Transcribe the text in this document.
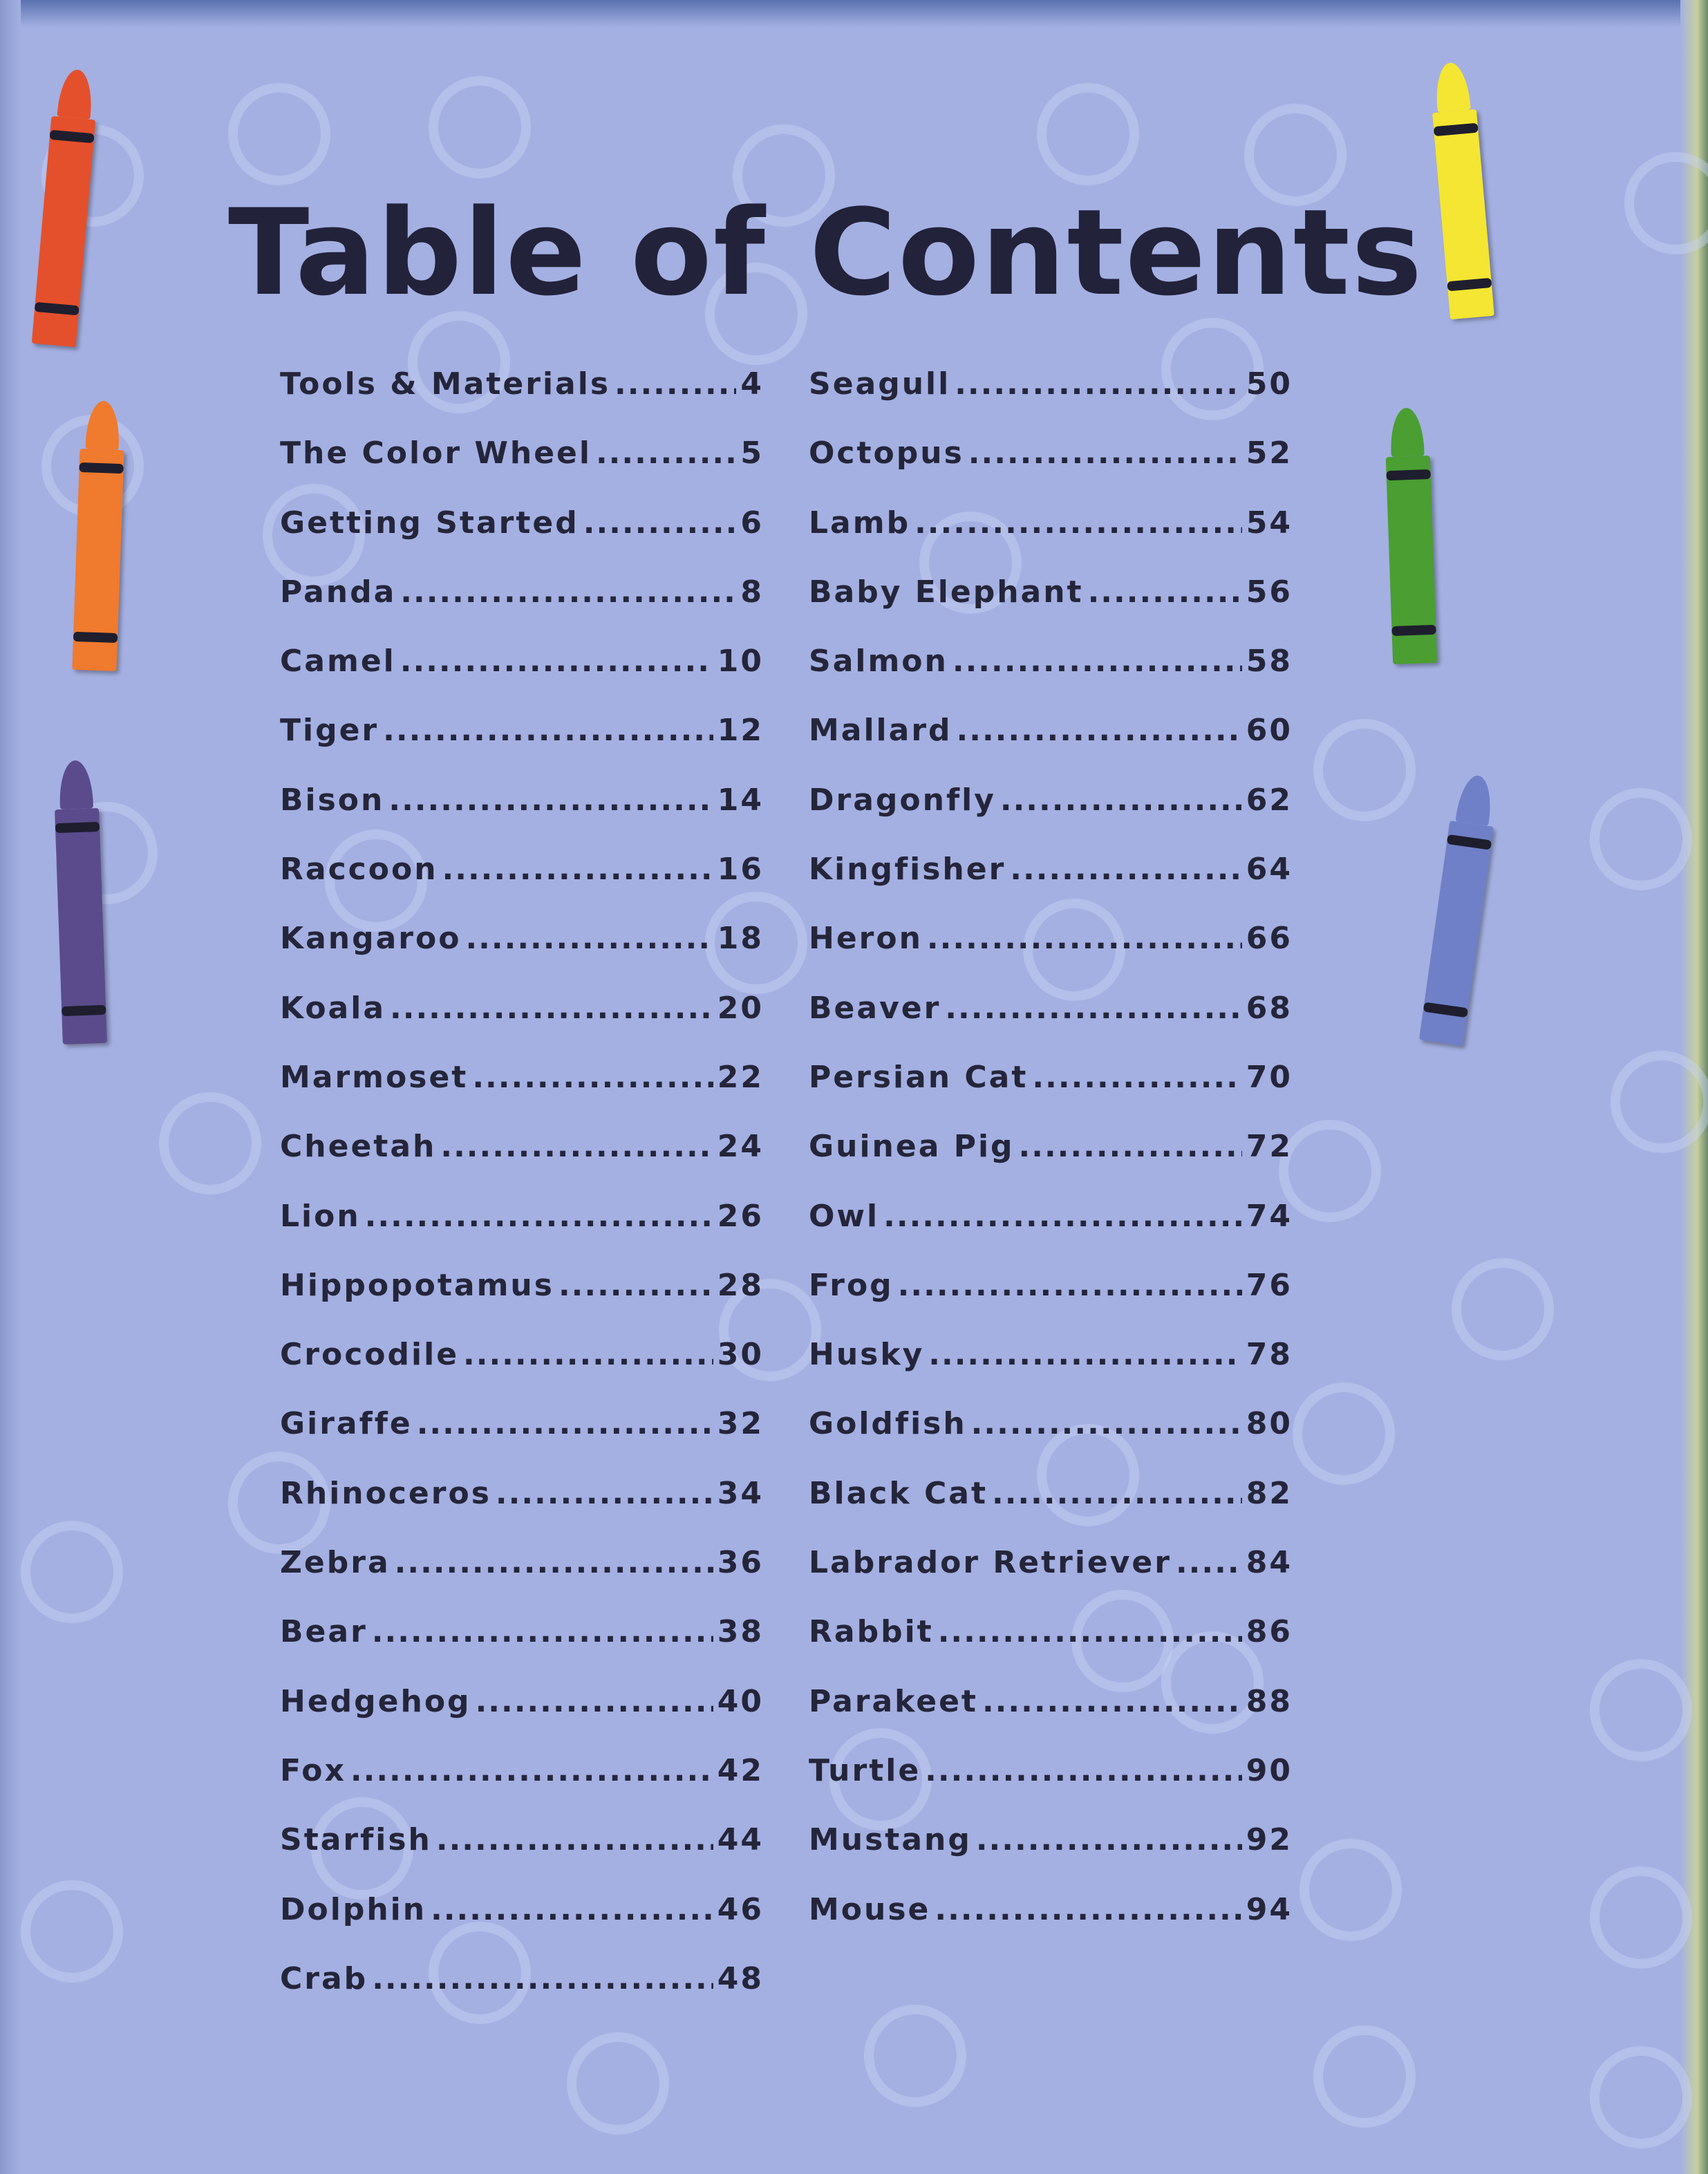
Table of Contents
Tools & Materials .....	4
The Color Wheel .....	5
Getting Started .....	6
Panda .....	8
Camel .....	10
Tiger .....	12
Bison .....	14
Raccoon .....	16
Kangaroo .....	18
Koala .....	20
Marmoset .....	22
Cheetah .....	24
Lion .....	26
Hippopotamus .....	28
Crocodile .....	30
Giraffe .....	32
Rhinoceros .....	34
Zebra .....	36
Bear .....	38
Hedgehog .....	40
Fox .....	42
Starfish .....	44
Dolphin .....	46
Crab .....	48
Seagull .....	50
Octopus .....	52
Lamb .....	54
Baby Elephant .....	56
Salmon .....	58
Mallard .....	60
Dragonfly .....	62
Kingfisher .....	64
Heron .....	66
Beaver .....	68
Persian Cat .....	70
Guinea Pig .....	72
Owl .....	74
Frog .....	76
Husky .....	78
Goldfish .....	80
Black Cat .....	82
Labrador Retriever ..... 84
Rabbit .....	86
Parakeet .....	88
Turtle .....	90
Mustang .....	92
Mouse .....	94
